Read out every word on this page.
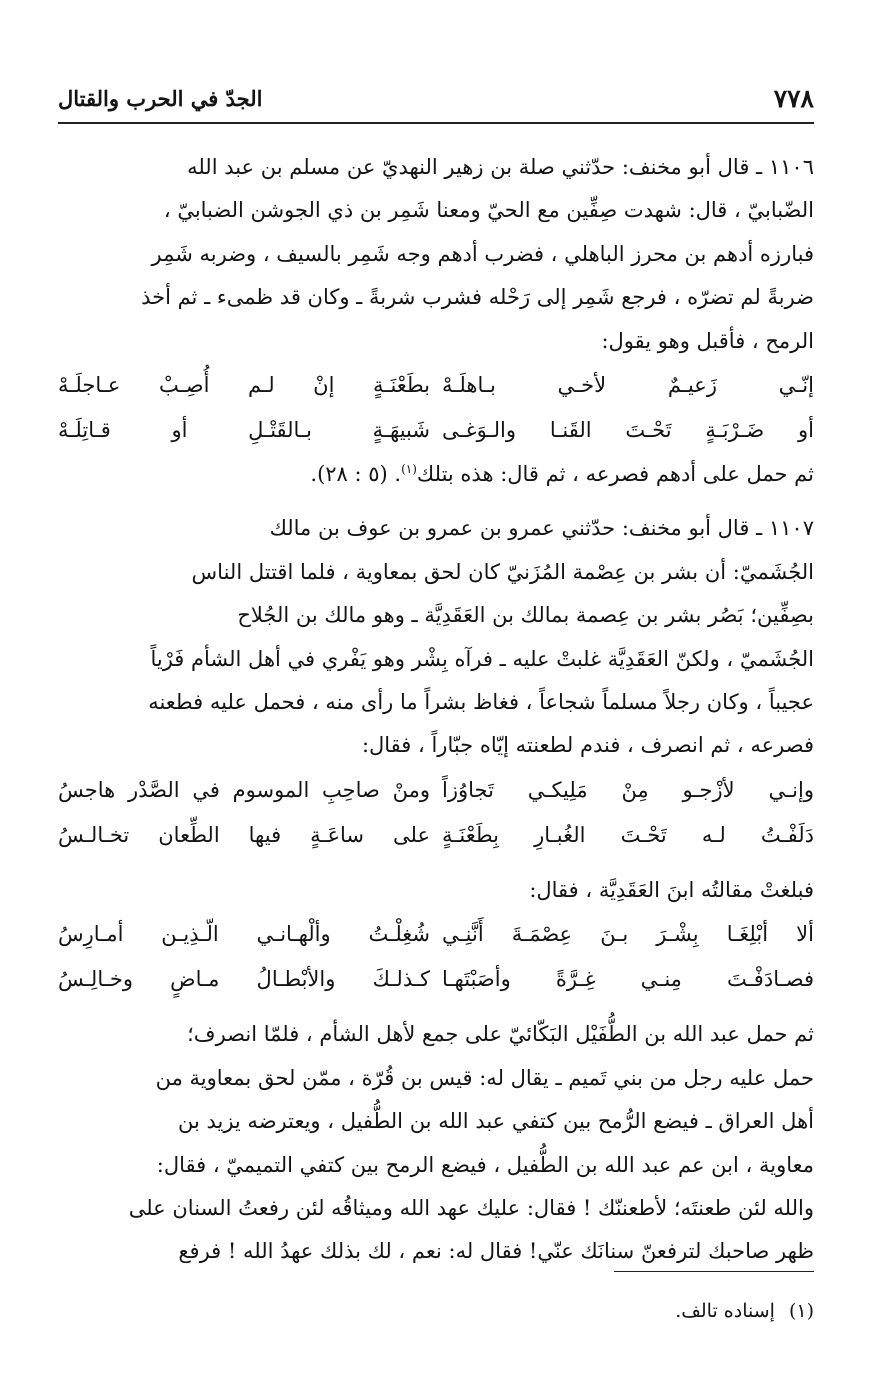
٧٧٨
الجدّ في الحرب والقتال

١١٠٦ ـ قال أبو مخنف: حدّثني صلة بن زهير النهديّ عن مسلم بن عبد الله
الضّبابيّ ، قال: شهدت صِفِّين مع الحيّ ومعنا شَمِر بن ذي الجوشن الضبابيّ ،
فبارزه أدهم بن محرز الباهلي ، فضرب أدهم وجه شَمِر بالسيف ، وضربه شَمِر
ضربةً لم تضرّه ، فرجع شَمِر إلى رَحْله فشرب شربةً ـ وكان قد ظمىء ـ ثم أخذ
الرمح ، فأقبل وهو يقول:

إنّـي زَعيـمٌ لأخـي بـاهلَـهْ
بطَعْنَـةٍ إنْ لـم أُصِـبْ عـاجلَـهْ
أو ضَـرْبَـةٍ تَحْـتَ القَنـا والـوَغـى
شَبيهَـةٍ بـالقَتْـلِ أو قـاتِلَـهْ

ثم حمل على أدهم فصرعه ، ثم قال: هذه بتلك$^{(١)}$. (٥ : ٢٨).

١١٠٧ ـ قال أبو مخنف: حدّثني عمرو بن عمرو بن عوف بن مالك
الجُشَميّ: أن بشر بن عِصْمة المُزَنيّ كان لحق بمعاوية ، فلما اقتتل الناس
بصِفِّين؛ بَصُر بشر بن عِصمة بمالك بن العَقَدِيَّة ـ وهو مالك بن الجُلاح
الجُشَميّ ، ولكنّ العَقَدِيَّة غلبتْ عليه ـ فرآه بِشْر وهو يَفْري في أهل الشأم فَرْياً
عجيباً ، وكان رجلاً مسلماً شجاعاً ، فغاظ بشراً ما رأى منه ، فحمل عليه فطعنه
فصرعه ، ثم انصرف ، فندم لطعنته إيّاه جبّاراً ، فقال:

وإنـي لأزْجـو مِنْ مَلِيكـي تَجاوُزاً
ومنْ صاحِبِ الموسوم في الصَّدْر هاجسُ
دَلَفْـتُ لـه تَحْـتَ الغُبـارِ بِطَعْنَـةٍ
على ساعَـةٍ فيها الطِّعان تخـالـسُ

فبلغتْ مقالتُه ابنَ العَقَدِيَّة ، فقال:

ألا أبْلِغَـا بِشْـرَ بـنَ عِصْمَـةَ أَنَّنِـي
شُغِلْـتُ وألْهـانـي الّـذِيـن أمـارِسُ
فصـادَفْـتَ مِنـي غِـرَّةً وأصَبْتَهـا
كـذلـكَ والأبْطـالُ مـاضٍ وخـالِـسُ

ثم حمل عبد الله بن الطُّفَيْل البَكّائيّ على جمع لأهل الشأم ، فلمّا انصرف؛
حمل عليه رجل من بني تَميم ـ يقال له: قيس بن قُرّة ، ممّن لحق بمعاوية من
أهل العراق ـ فيضع الرُّمح بين كتفي عبد الله بن الطُّفيل ، ويعترضه يزيد بن
معاوية ، ابن عم عبد الله بن الطُّفيل ، فيضع الرمح بين كتفي التميميّ ، فقال:
والله لئن طعنتَه؛ لأطعننّك ! فقال: عليك عهد الله وميثاقُه لئن رفعتُ السنان على
ظهر صاحبك لترفعنّ سنانَك عنّي! فقال له: نعم ، لك بذلك عهدُ الله ! فرفع

(١)إسناده تالف.
